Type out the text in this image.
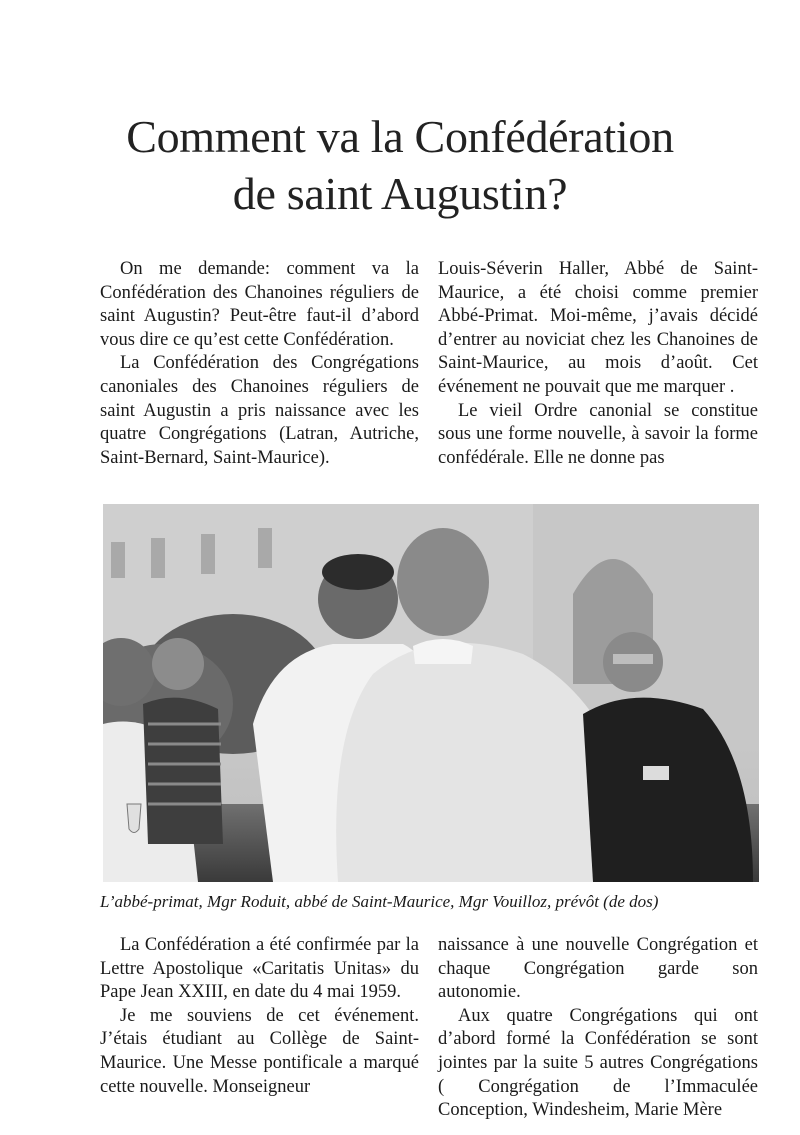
Comment va la Confédération
de saint Augustin?

On me demande: comment va la Confédération des Chanoines réguliers de saint Augustin? Peut-être faut-il d’abord vous dire ce qu’est cette Confédération.

La Confédération des Congrégations canoniales des Chanoines réguliers de saint Augustin a pris naissance avec les quatre Congrégations (Latran, Autriche, Saint-Bernard, Saint-Maurice).

Louis-Séverin Haller, Abbé de Saint-Maurice, a été choisi comme premier Abbé-Primat. Moi-même, j’avais décidé d’entrer au noviciat chez les Chanoines de Saint-Maurice, au mois d’août. Cet événement ne pouvait que me marquer .

Le vieil Ordre canonial se constitue sous une forme nouvelle, à savoir la forme confédérale. Elle ne donne pas

L’abbé-primat, Mgr Roduit, abbé de Saint-Maurice, Mgr Vouilloz, prévôt (de dos)

La Confédération a été confirmée par la Lettre Apostolique «Caritatis Unitas» du Pape Jean XXIII, en date du 4 mai 1959.

Je me souviens de cet événement. J’étais étudiant au Collège de Saint-Maurice. Une Messe pontificale a marqué cette nouvelle. Monseigneur

naissance à une nouvelle Congrégation et chaque Congrégation garde son autonomie.

Aux quatre Congrégations qui ont d’abord formé la Confédération se sont jointes par la suite 5 autres Congrégations ( Congrégation de l’Immaculée Conception, Windesheim, Marie Mère
